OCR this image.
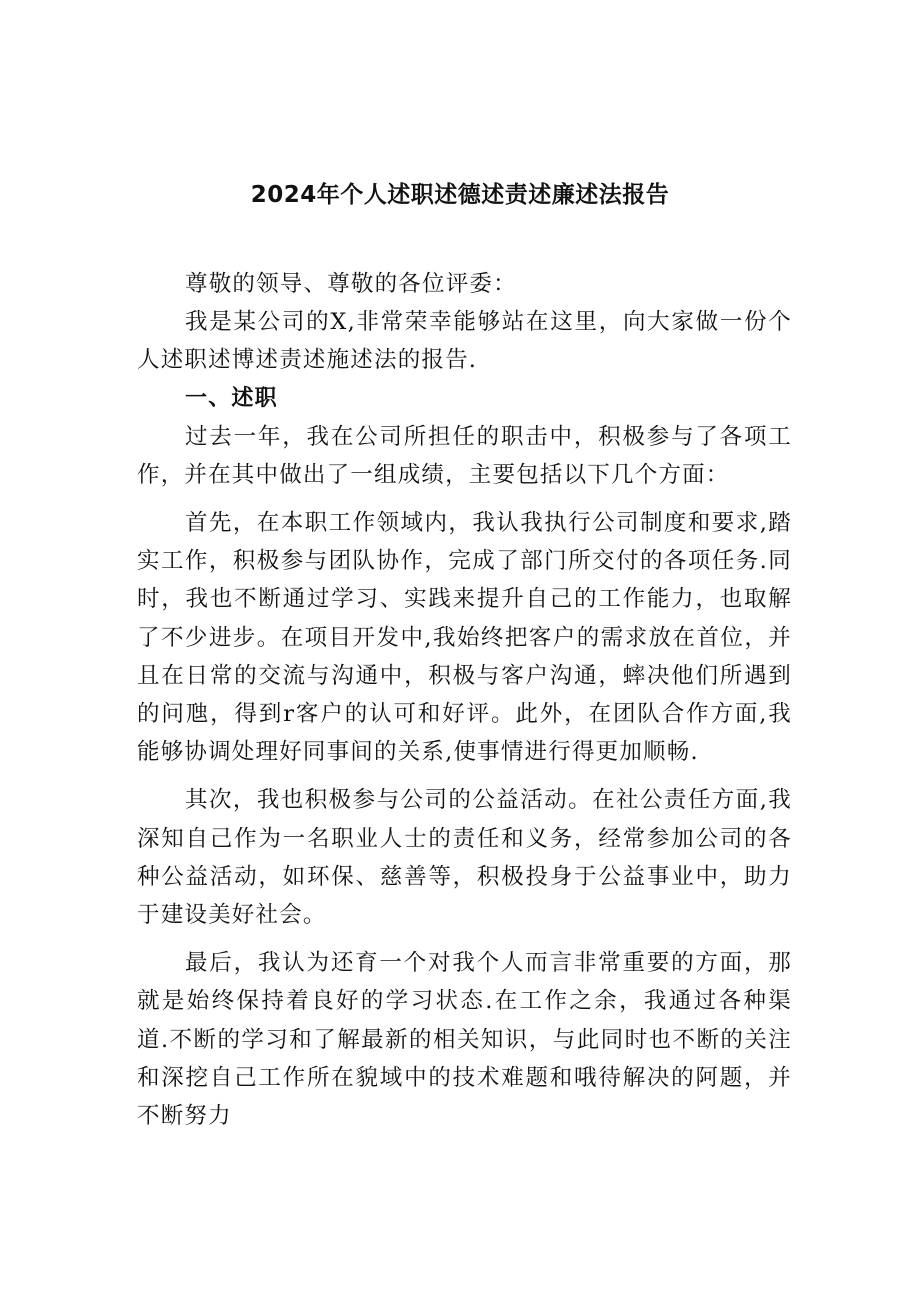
2024年个人述职述德述责述廉述法报告

尊敬的领导、尊敬的各位评委：

我是某公司的X,非常荣幸能够站在这里，向大家做一份个人述职述博述责述施述法的报告.

一、述职

过去一年，我在公司所担任的职击中，积极参与了各项工作，并在其中做出了一组成绩，主要包括以下几个方面：

首先，在本职工作领域内，我认我执行公司制度和要求,踏实工作，积极参与团队协作，完成了部门所交付的各项任务.同时，我也不断通过学习、实践来提升自己的工作能力，也取解了不少进步。在项目开发中,我始终把客户的需求放在首位，并且在日常的交流与沟通中，积极与客户沟通，蟀决他们所遇到的问虺，得到r客户的认可和好评。此外，在团队合作方面,我能够协调处理好同事间的关系,使事情进行得更加顺畅.

其次，我也积极参与公司的公益活动。在社公责任方面,我深知自己作为一名职业人士的责任和义务，经常参加公司的各种公益活动，如环保、慈善等，积极投身于公益事业中，助力于建设美好社会。

最后，我认为还育一个对我个人而言非常重要的方面，那就是始终保持着良好的学习状态.在工作之余，我通过各种渠道.不断的学习和了解最新的相关知识，与此同时也不断的关注和深挖自己工作所在貌域中的技术难题和哦待解决的阿题，并不断努力
